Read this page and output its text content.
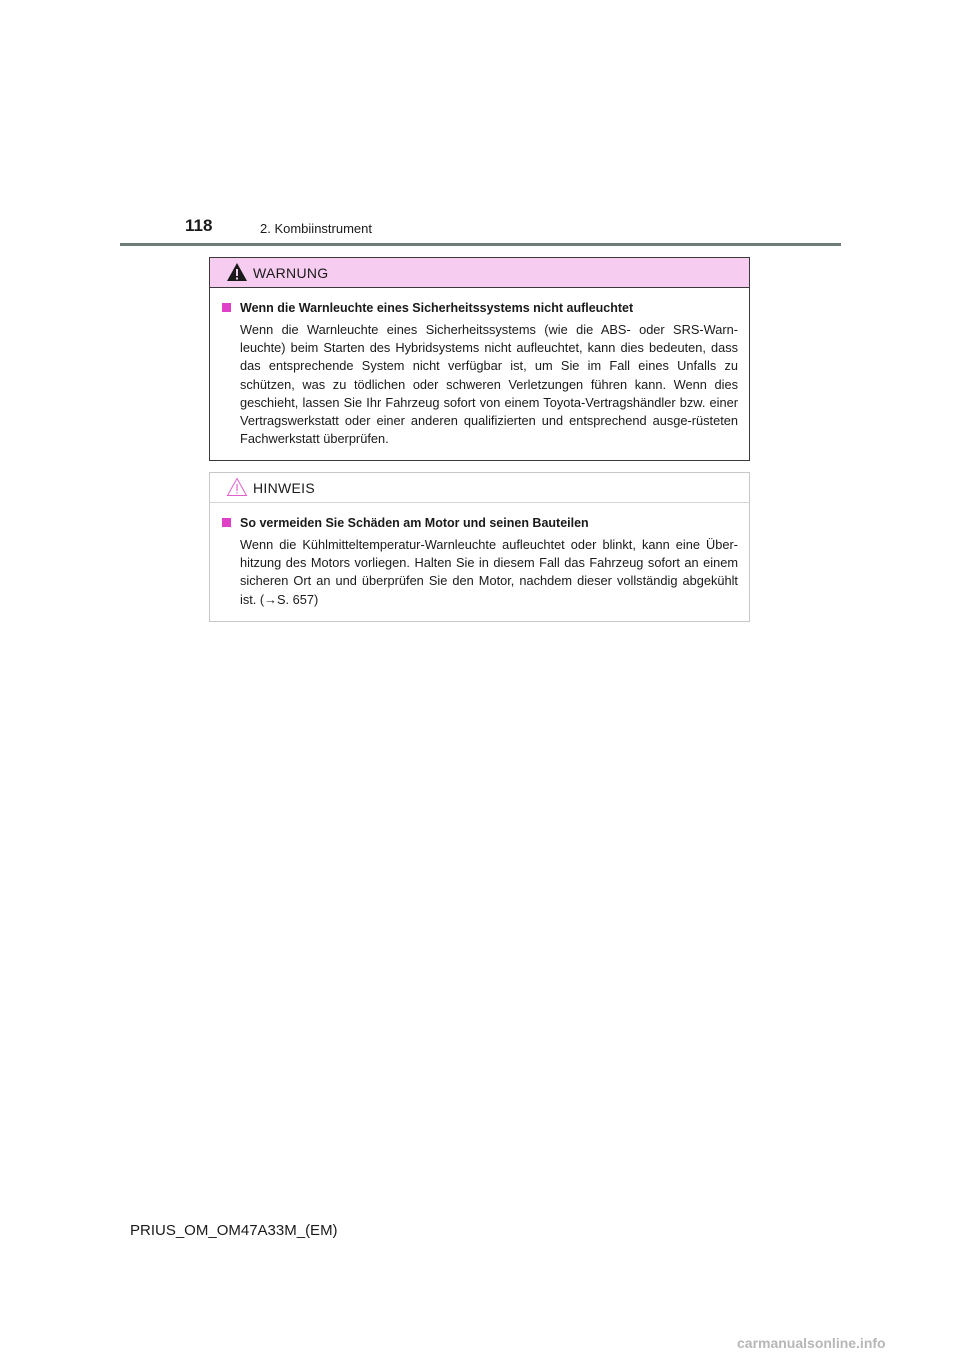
118	2. Kombiinstrument
WARNUNG
Wenn die Warnleuchte eines Sicherheitssystems nicht aufleuchtet
Wenn die Warnleuchte eines Sicherheitssystems (wie die ABS- oder SRS-Warn-leuchte) beim Starten des Hybridsystems nicht aufleuchtet, kann dies bedeuten, dass das entsprechende System nicht verfügbar ist, um Sie im Fall eines Unfalls zu schützen, was zu tödlichen oder schweren Verletzungen führen kann. Wenn dies geschieht, lassen Sie Ihr Fahrzeug sofort von einem Toyota-Vertragshändler bzw. einer Vertragswerkstatt oder einer anderen qualifizierten und entsprechend ausge-rüsteten Fachwerkstatt überprüfen.
HINWEIS
So vermeiden Sie Schäden am Motor und seinen Bauteilen
Wenn die Kühlmitteltemperatur-Warnleuchte aufleuchtet oder blinkt, kann eine Über-hitzung des Motors vorliegen. Halten Sie in diesem Fall das Fahrzeug sofort an einem sicheren Ort an und überprüfen Sie den Motor, nachdem dieser vollständig abgekühlt ist. (→S. 657)
PRIUS_OM_OM47A33M_(EM)
carmanualsonline.info
